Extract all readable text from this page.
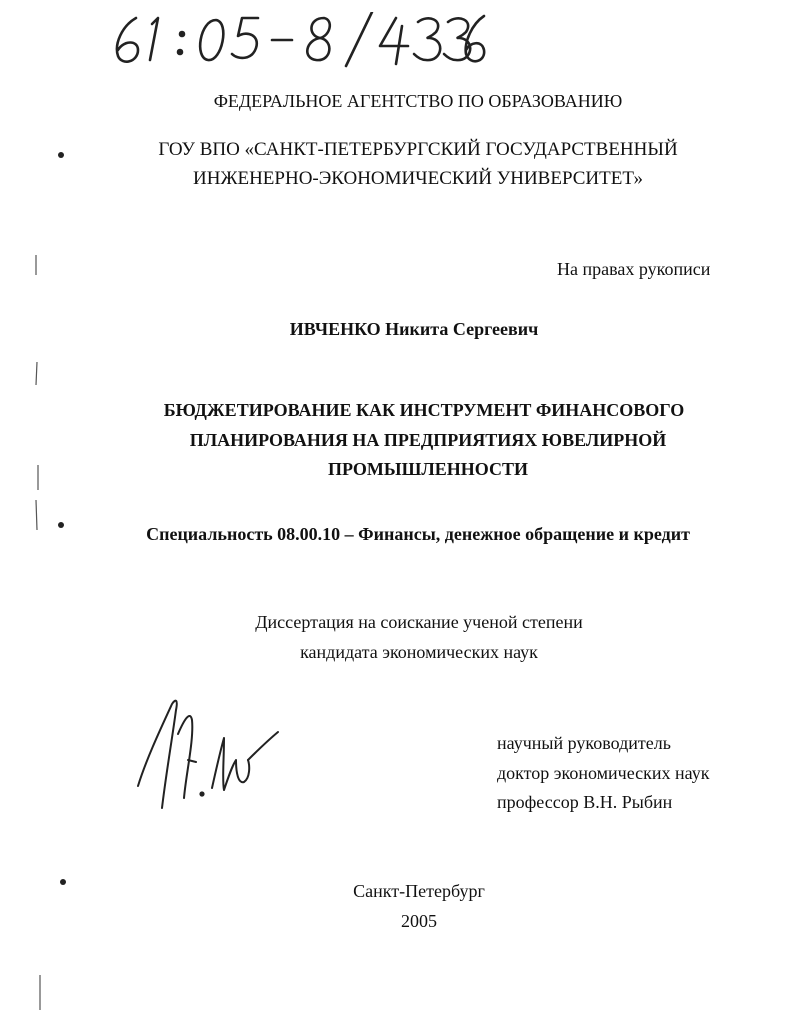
ФЕДЕРАЛЬНОЕ АГЕНТСТВО ПО ОБРАЗОВАНИЮ
ГОУ ВПО «САНКТ-ПЕТЕРБУРГСКИЙ ГОСУДАРСТВЕННЫЙ
ИНЖЕНЕРНО-ЭКОНОМИЧЕСКИЙ УНИВЕРСИТЕТ»
На правах рукописи
ИВЧЕНКО Никита Сергеевич
БЮДЖЕТИРОВАНИЕ КАК ИНСТРУМЕНТ ФИНАНСОВОГО
ПЛАНИРОВАНИЯ НА ПРЕДПРИЯТИЯХ ЮВЕЛИРНОЙ
ПРОМЫШЛЕННОСТИ
Специальность 08.00.10 – Финансы, денежное обращение и кредит
Диссертация на соискание ученой степени
кандидата экономических наук
научный руководитель
доктор экономических наук
профессор В.Н. Рыбин
Санкт-Петербург
2005
